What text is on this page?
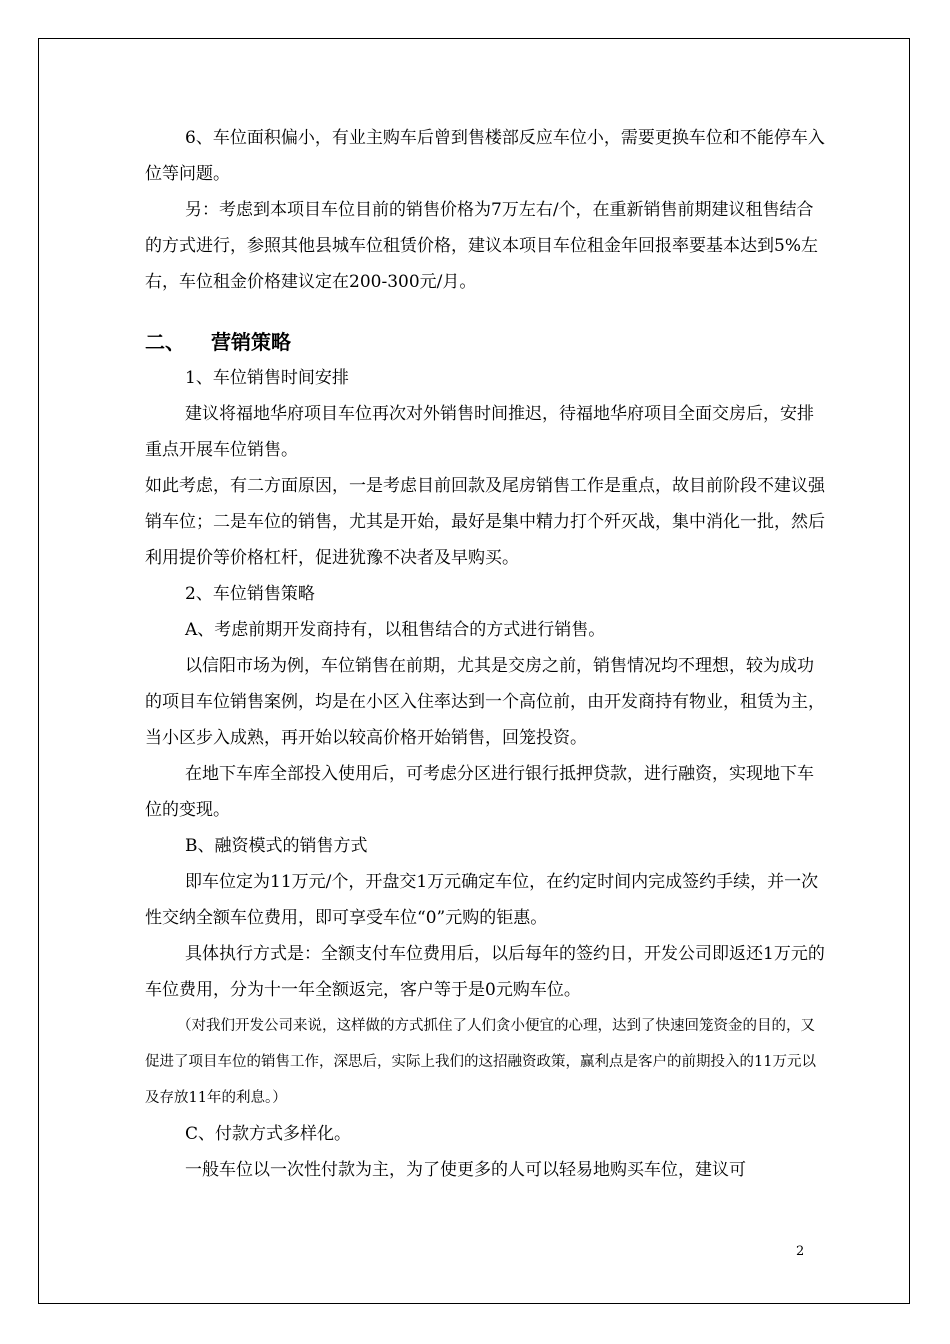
6、车位面积偏小，有业主购车后曾到售楼部反应车位小，需要更换车位和不能停车入位等问题。

另：考虑到本项目车位目前的销售价格为7万左右/个，在重新销售前期建议租售结合的方式进行，参照其他县城车位租赁价格，建议本项目车位租金年回报率要基本达到5%左右，车位租金价格建议定在200-300元/月。

二、	营销策略

1、车位销售时间安排

建议将福地华府项目车位再次对外销售时间推迟，待福地华府项目全面交房后，安排重点开展车位销售。

如此考虑，有二方面原因，一是考虑目前回款及尾房销售工作是重点，故目前阶段不建议强销车位；二是车位的销售，尤其是开始，最好是集中精力打个歼灭战，集中消化一批，然后利用提价等价格杠杆，促进犹豫不决者及早购买。

2、车位销售策略

A、考虑前期开发商持有，以租售结合的方式进行销售。

以信阳市场为例，车位销售在前期，尤其是交房之前，销售情况均不理想，较为成功的项目车位销售案例，均是在小区入住率达到一个高位前，由开发商持有物业，租赁为主，当小区步入成熟，再开始以较高价格开始销售，回笼投资。

在地下车库全部投入使用后，可考虑分区进行银行抵押贷款，进行融资，实现地下车位的变现。

B、融资模式的销售方式

即车位定为11万元/个，开盘交1万元确定车位，在约定时间内完成签约手续，并一次性交纳全额车位费用，即可享受车位“0”元购的钜惠。

具体执行方式是：全额支付车位费用后，以后每年的签约日，开发公司即返还1万元的车位费用，分为十一年全额返完，客户等于是0元购车位。

（对我们开发公司来说，这样做的方式抓住了人们贪小便宜的心理，达到了快速回笼资金的目的，又促进了项目车位的销售工作，深思后，实际上我们的这招融资政策，赢利点是客户的前期投入的11万元以及存放11年的利息。）

C、付款方式多样化。

一般车位以一次性付款为主，为了使更多的人可以轻易地购买车位，建议可

2
